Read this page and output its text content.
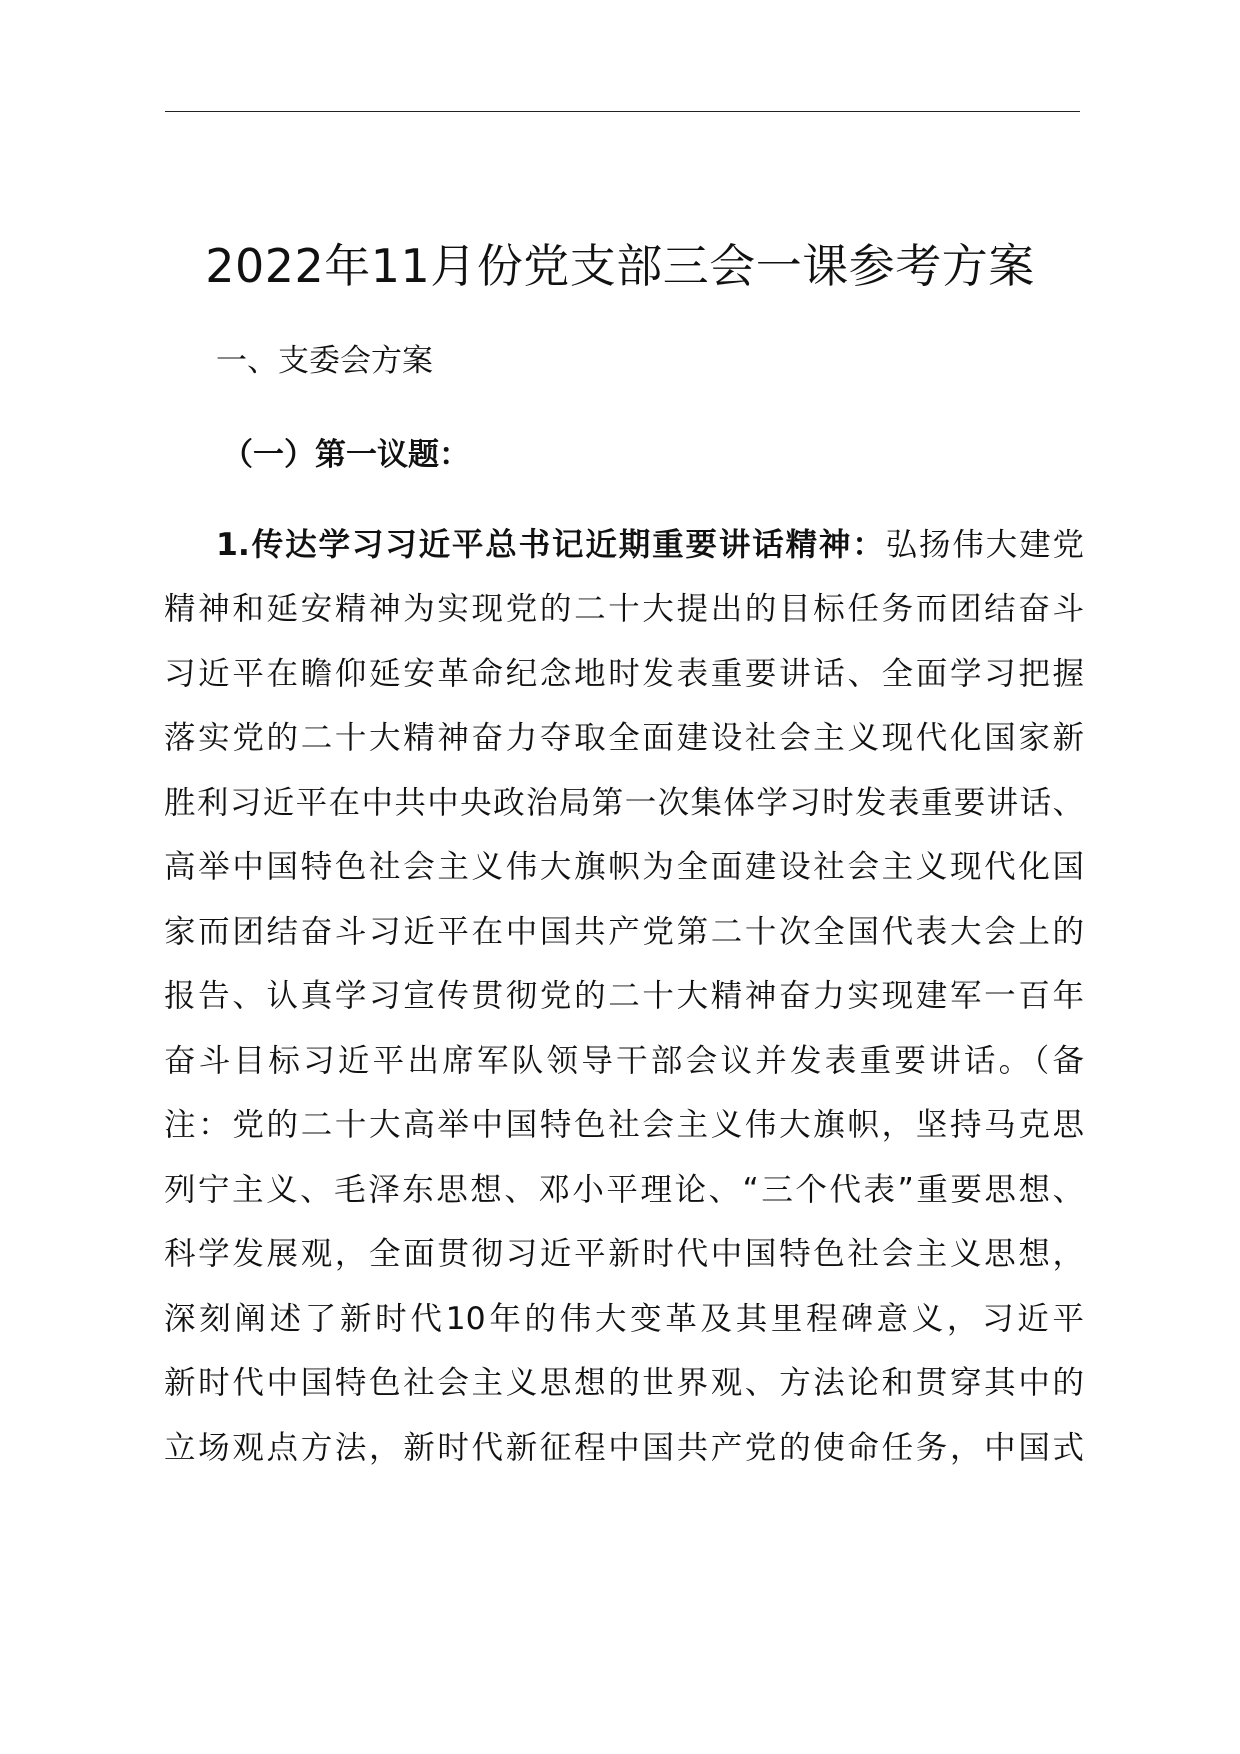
2022年11月份党支部三会一课参考方案
一、支委会方案
（一）第一议题：
1.传达学习习近平总书记近期重要讲话精神：弘扬伟大建党
精神和延安精神为实现党的二十大提出的目标任务而团结奋斗
习近平在瞻仰延安革命纪念地时发表重要讲话、全面学习把握
落实党的二十大精神奋力夺取全面建设社会主义现代化国家新
胜利习近平在中共中央政治局第一次集体学习时发表重要讲话、
高举中国特色社会主义伟大旗帜为全面建设社会主义现代化国
家而团结奋斗习近平在中国共产党第二十次全国代表大会上的
报告、认真学习宣传贯彻党的二十大精神奋力实现建军一百年
奋斗目标习近平出席军队领导干部会议并发表重要讲话。（备
注：党的二十大高举中国特色社会主义伟大旗帜，坚持马克思
列宁主义、毛泽东思想、邓小平理论、“三个代表”重要思想、
科学发展观，全面贯彻习近平新时代中国特色社会主义思想，
深刻阐述了新时代10年的伟大变革及其里程碑意义，习近平
新时代中国特色社会主义思想的世界观、方法论和贯穿其中的
立场观点方法，新时代新征程中国共产党的使命任务，中国式
